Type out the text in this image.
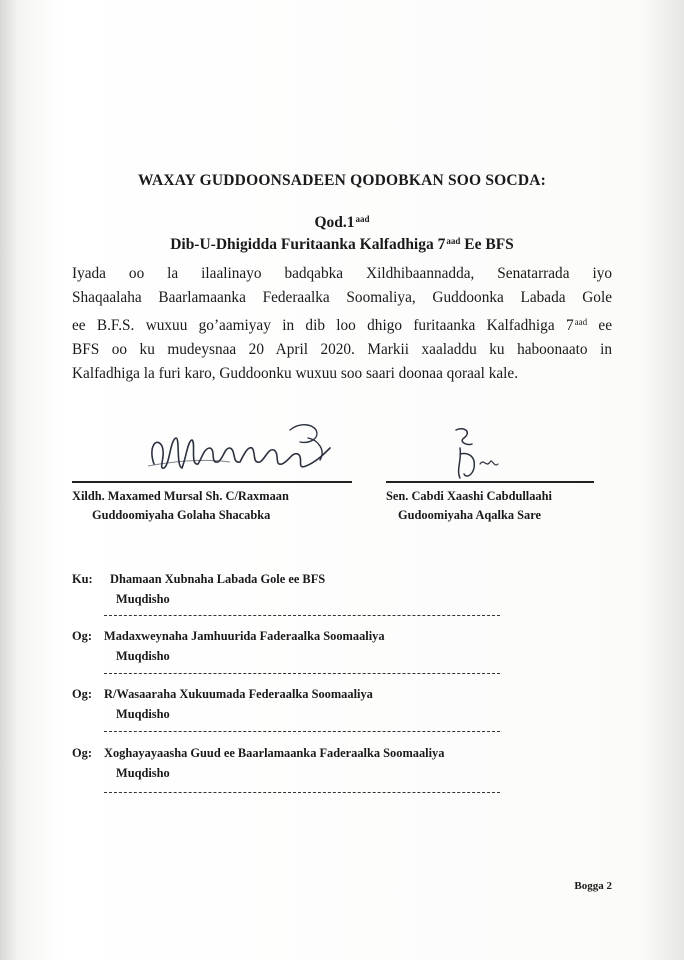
WAXAY GUDDOONSADEEN QODOBKAN SOO SOCDA:
Qod.1$^{aad}$
Dib-U-Dhigidda Furitaanka Kalfadhiga $7^{aad}$ Ee BFS
Iyada oo la ilaalinayo badqabka Xildhibaannadda, Senatarrada iyo
Shaqaalaha Baarlamaanka Federaalka Soomaliya, Guddoonka Labada Gole
ee B.F.S. wuxuu go’aamiyay in dib loo dhigo furitaanka Kalfadhiga $7^{aad}$ ee
BFS oo ku mudeysnaa 20 April 2020. Markii xaaladdu ku haboonaato in
Kalfadhiga la furi karo, Guddoonku wuxuu soo saari doonaa qoraal kale.
Xildh. Maxamed Mursal Sh. C/Raxmaan
Guddoomiyaha Golaha Shacabka
Sen. Cabdi Xaashi Cabdullaahi
Gudoomiyaha Aqalka Sare
Ku: Dhamaan Xubnaha Labada Gole ee BFS
Muqdisho
Og: Madaxweynaha Jamhuurida Faderaalka Soomaaliya
Muqdisho
Og: R/Wasaaraha Xukuumada Federaalka Soomaaliya
Muqdisho
Og: Xoghayayaasha Guud ee Baarlamaanka Faderaalka Soomaaliya
Muqdisho
Bogga 2
